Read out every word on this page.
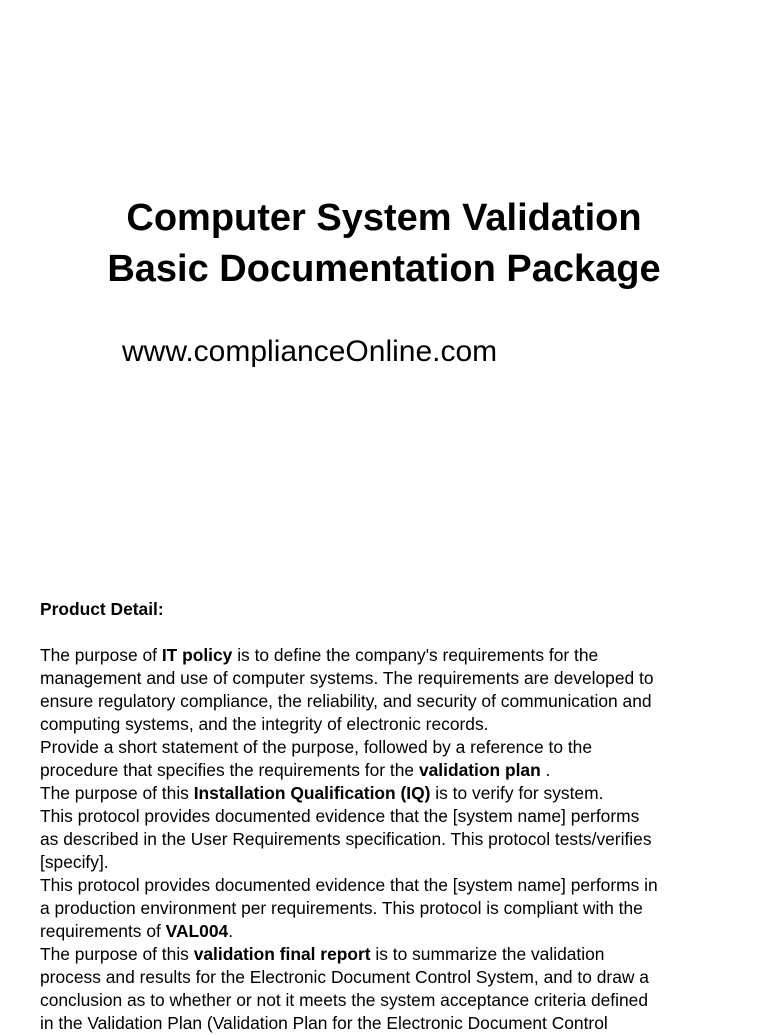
Computer System Validation

Basic Documentation Package

www.complianceOnline.com

Product Detail:

The purpose of IT policy is to define the company's requirements for the

management and use of computer systems. The requirements are developed to

ensure regulatory compliance, the reliability, and security of communication and

computing systems, and the integrity of electronic records.

Provide a short statement of the purpose, followed by a reference to the

procedure that specifies the requirements for the validation plan .

The purpose of this Installation Qualification (IQ) is to verify for system.

This protocol provides documented evidence that the [system name] performs

as described in the User Requirements specification. This protocol tests/verifies

[specify].

This protocol provides documented evidence that the [system name] performs in

a production environment per requirements. This protocol is compliant with the

requirements of VAL004.

The purpose of this validation final report is to summarize the validation

process and results for the Electronic Document Control System, and to draw a

conclusion as to whether or not it meets the system acceptance criteria defined

in the Validation Plan (Validation Plan for the Electronic Document Control
